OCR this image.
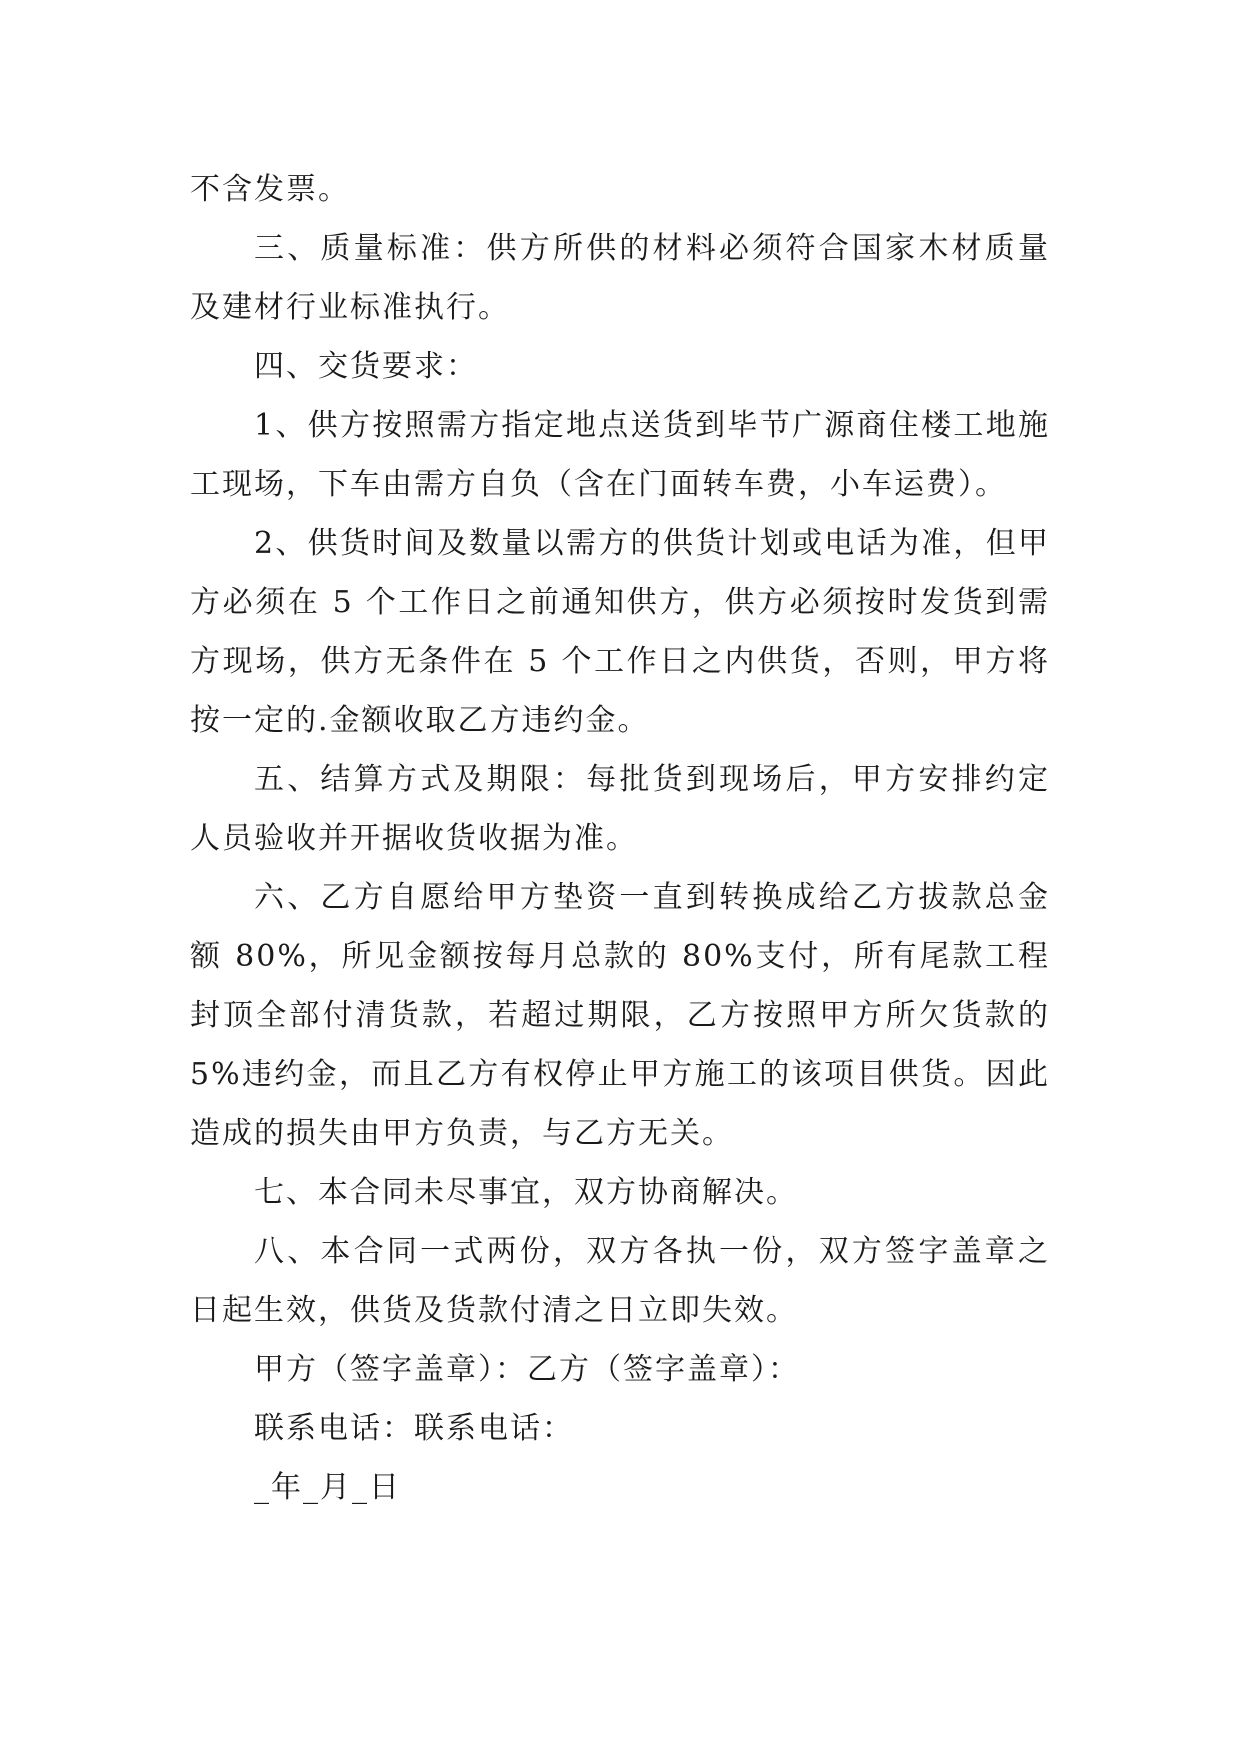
不含发票。

三、质量标准：供方所供的材料必须符合国家木材质量及建材行业标准执行。

四、交货要求：

1、供方按照需方指定地点送货到毕节广源商住楼工地施工现场，下车由需方自负（含在门面转车费，小车运费）。

2、供货时间及数量以需方的供货计划或电话为准，但甲方必须在 5 个工作日之前通知供方，供方必须按时发货到需方现场，供方无条件在 5 个工作日之内供货，否则，甲方将按一定的.金额收取乙方违约金。

五、结算方式及期限：每批货到现场后，甲方安排约定人员验收并开据收货收据为准。

六、乙方自愿给甲方垫资一直到转换成给乙方拔款总金额 80%，所见金额按每月总款的 80%支付，所有尾款工程封顶全部付清货款，若超过期限，乙方按照甲方所欠货款的 5%违约金，而且乙方有权停止甲方施工的该项目供货。因此造成的损失由甲方负责，与乙方无关。

七、本合同未尽事宜，双方协商解决。

八、本合同一式两份，双方各执一份，双方签字盖章之日起生效，供货及货款付清之日立即失效。

甲方（签字盖章）：乙方（签字盖章）：

联系电话：联系电话：

_年_月_日
